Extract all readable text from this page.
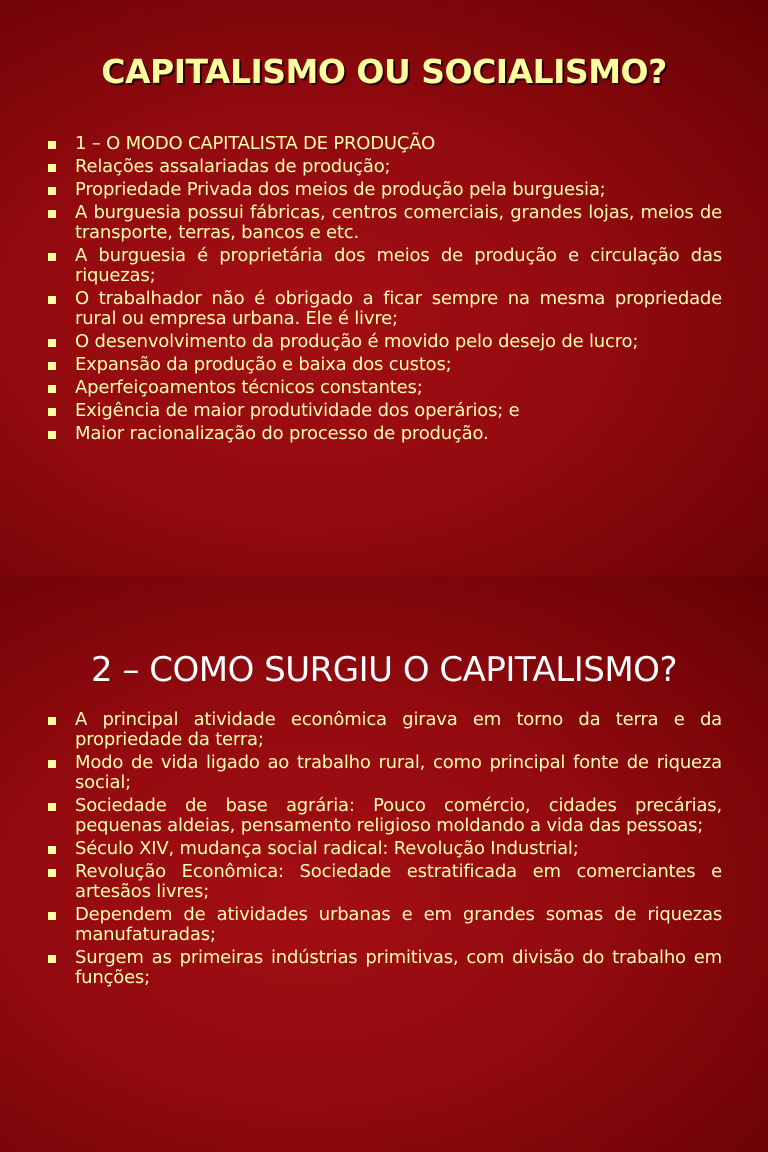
CAPITALISMO OU SOCIALISMO?
1 – O MODO CAPITALISTA DE PRODUÇÃO
Relações assalariadas de produção;
Propriedade Privada dos meios de produção pela burguesia;
A burguesia possui fábricas, centros comerciais, grandes lojas, meios de transporte, terras, bancos e etc.
A burguesia é proprietária dos meios de produção e circulação das riquezas;
O trabalhador não é obrigado a ficar sempre na mesma propriedade rural ou empresa urbana. Ele é livre;
O desenvolvimento da produção é movido pelo desejo de lucro;
Expansão da produção e baixa dos custos;
Aperfeiçoamentos técnicos constantes;
Exigência de maior produtividade dos operários; e
Maior racionalização do processo de produção.
2 – COMO SURGIU O CAPITALISMO?
A principal atividade econômica girava em torno da terra e da propriedade da terra;
Modo de vida ligado ao trabalho rural, como principal fonte de riqueza social;
Sociedade de base agrária: Pouco comércio, cidades precárias, pequenas aldeias, pensamento religioso moldando a vida das pessoas;
Século XIV, mudança social radical: Revolução Industrial;
Revolução Econômica: Sociedade estratificada em comerciantes e artesãos livres;
Dependem de atividades urbanas e em grandes somas de riquezas manufaturadas;
Surgem as primeiras indústrias primitivas, com divisão do trabalho em funções;
